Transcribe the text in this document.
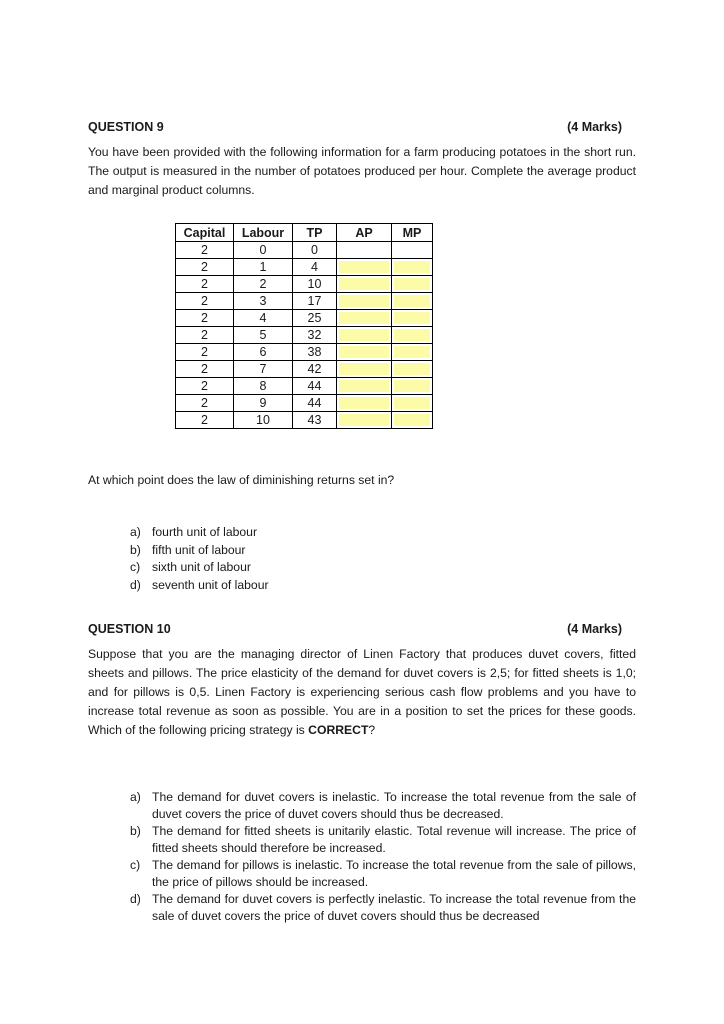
QUESTION 9	(4 Marks)
You have been provided with the following information for a farm producing potatoes in the short run. The output is measured in the number of potatoes produced per hour. Complete the average product and marginal product columns.
Capital	Labour	TP	AP	MP
2	0	0		
2	1	4		
2	2	10		
2	3	17		
2	4	25		
2	5	32		
2	6	38		
2	7	42		
2	8	44		
2	9	44		
2	10	43		
At which point does the law of diminishing returns set in?
a) fourth unit of labour
b) fifth unit of labour
c) sixth unit of labour
d) seventh unit of labour
QUESTION 10	(4 Marks)
Suppose that you are the managing director of Linen Factory that produces duvet covers, fitted sheets and pillows. The price elasticity of the demand for duvet covers is 2,5; for fitted sheets is 1,0; and for pillows is 0,5. Linen Factory is experiencing serious cash flow problems and you have to increase total revenue as soon as possible. You are in a position to set the prices for these goods. Which of the following pricing strategy is CORRECT?
a) The demand for duvet covers is inelastic. To increase the total revenue from the sale of duvet covers the price of duvet covers should thus be decreased.
b) The demand for fitted sheets is unitarily elastic. Total revenue will increase. The price of fitted sheets should therefore be increased.
c) The demand for pillows is inelastic. To increase the total revenue from the sale of pillows, the price of pillows should be increased.
d) The demand for duvet covers is perfectly inelastic. To increase the total revenue from the sale of duvet covers the price of duvet covers should thus be decreased
